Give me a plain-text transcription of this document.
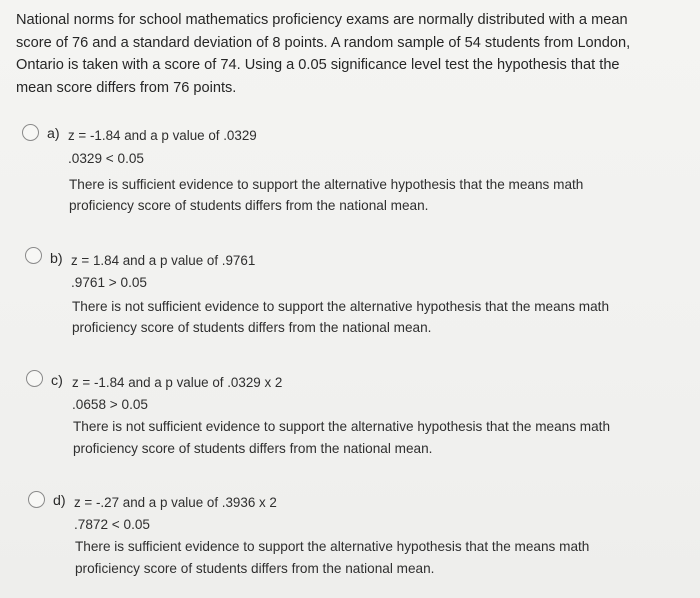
National norms for school mathematics proficiency exams are normally distributed with a mean
score of 76 and a standard deviation of 8 points. A random sample of 54 students from London,
Ontario is taken with a score of 74. Using a 0.05 significance level test the hypothesis that the
mean score differs from 76 points.
a) z = -1.84 and a p value of .0329
.0329 < 0.05
There is sufficient evidence to support the alternative hypothesis that the means math
proficiency score of students differs from the national mean.
b) z = 1.84 and a p value of .9761
.9761 > 0.05
There is not sufficient evidence to support the alternative hypothesis that the means math
proficiency score of students differs from the national mean.
c) z = -1.84 and a p value of .0329 x 2
.0658 > 0.05
There is not sufficient evidence to support the alternative hypothesis that the means math
proficiency score of students differs from the national mean.
d) z = -.27 and a p value of .3936 x 2
.7872 < 0.05
There is sufficient evidence to support the alternative hypothesis that the means math
proficiency score of students differs from the national mean.
